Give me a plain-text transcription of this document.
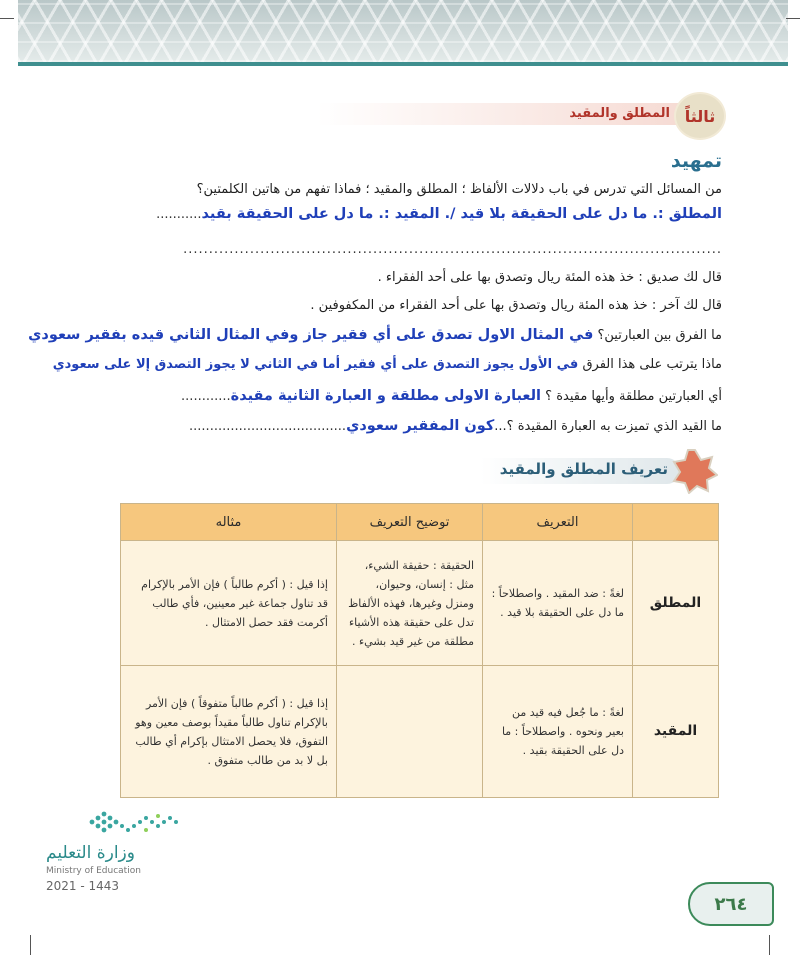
ثالثاً
المطلق والمقيد
تمهيد
من المسائل التي تدرس في باب دلالات الألفاظ ؛ المطلق والمقيد ؛ فماذا تفهم من هاتين الكلمتين؟
المطلق :. ما دل على الحقيقة بلا قيد /. المقيد :. ما دل على الحقيقة بقيد...........
.........................................................................................................
قال لك صديق : خذ هذه المئة ريال وتصدق بها على أحد الفقراء .
قال لك آخر : خذ هذه المئة ريال وتصدق بها على أحد الفقراء من المكفوفين .
ما الفرق بين العبارتين؟ في المثال الاول تصدق على أي فقير جاز وفي المثال الثاني قيده بفقير سعودي
ماذا يترتب على هذا الفرق في الأول يجوز التصدق على أي فقير أما في الثاني لا يجوز التصدق إلا على سعودي
أي العبارتين مطلقة وأيها مقيدة ؟ العبارة الاولى مطلقة و العبارة الثانية مقيدة............
ما القيد الذي تميزت به العبارة المقيدة ؟...كون المفقير سعودي......................................
تعريف المطلق والمقيد
	التعريف	توضيح التعريف	مثاله
المطلق	لغةً : ضد المقيد . واصطلاحاً : ما دل على الحقيقة بلا قيد .	الحقيقة : حقيقة الشيء، مثل : إنسان، وحيوان، ومنزل وغيرها، فهذه الألفاظ تدل على حقيقة هذه الأشياء مطلقة من غير قيد بشيء .	إذا قيل : ( أكرم طالباً ) فإن الأمر بالإكرام قد تناول جماعة غير معينين، فأي طالب أكرمت فقد حصل الامتثال .
المقيد	لغةً : ما جُعل فيه قيد من بعير ونحوه . واصطلاحاً : ما دل على الحقيقة بقيد .		إذا قيل : ( أكرم طالباً متفوقاً ) فإن الأمر بالإكرام تناول طالباً مقيداً بوصف معين وهو التفوق، فلا يحصل الامتثال بإكرام أي طالب بل لا بد من طالب متفوق .
وزارة التعليم
Ministry of Education
2021 - 1443
٢٦٤
